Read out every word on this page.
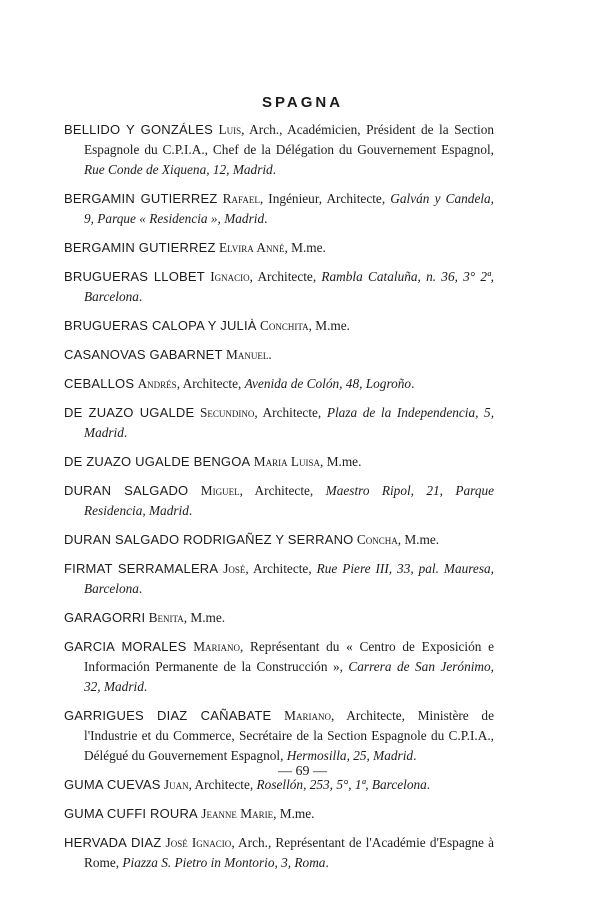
SPAGNA
BELLIDO Y GONZÁLES Luis, Arch., Académicien, Président de la Section Espagnole du C.P.I.A., Chef de la Délégation du Gouvernement Espagnol, Rue Conde de Xiquena, 12, Madrid.
BERGAMIN GUTIERREZ Rafael, Ingénieur, Architecte, Galván y Candela, 9, Parque « Residencia », Madrid.
BERGAMIN GUTIERREZ Elvira Anné, M.me.
BRUGUERAS LLOBET Ignacio, Architecte, Rambla Cataluña, n. 36, 3° 2ª, Barcelona.
BRUGUERAS CALOPA Y JULIÀ Conchita, M.me.
CASANOVAS GABARNET Manuel.
CEBALLOS Andrés, Architecte, Avenida de Colón, 48, Logroño.
DE ZUAZO UGALDE Secundino, Architecte, Plaza de la Independencia, 5, Madrid.
DE ZUAZO UGALDE BENGOA Maria Luisa, M.me.
DURAN SALGADO Miguel, Architecte, Maestro Ripol, 21, Parque Residencia, Madrid.
DURAN SALGADO RODRIGAÑEZ Y SERRANO Concha, M.me.
FIRMAT SERRAMALERA José, Architecte, Rue Piere III, 33, pal. Mauresa, Barcelona.
GARAGORRI Benita, M.me.
GARCIA MORALES Mariano, Représentant du « Centro de Exposición e Información Permanente de la Construcción », Carrera de San Jerónimo, 32, Madrid.
GARRIGUES DIAZ CAÑABATE Mariano, Architecte, Ministère de l'Industrie et du Commerce, Secrétaire de la Section Espagnole du C.P.I.A., Délégué du Gouvernement Espagnol, Hermosilla, 25, Madrid.
GUMA CUEVAS Juan, Architecte, Rosellón, 253, 5°, 1ª, Barcelona.
GUMA CUFFI ROURA Jeanne Marie, M.me.
HERVADA DIAZ José Ignacio, Arch., Représentant de l'Académie d'Espagne à Rome, Piazza S. Pietro in Montorio, 3, Roma.
— 69 —
